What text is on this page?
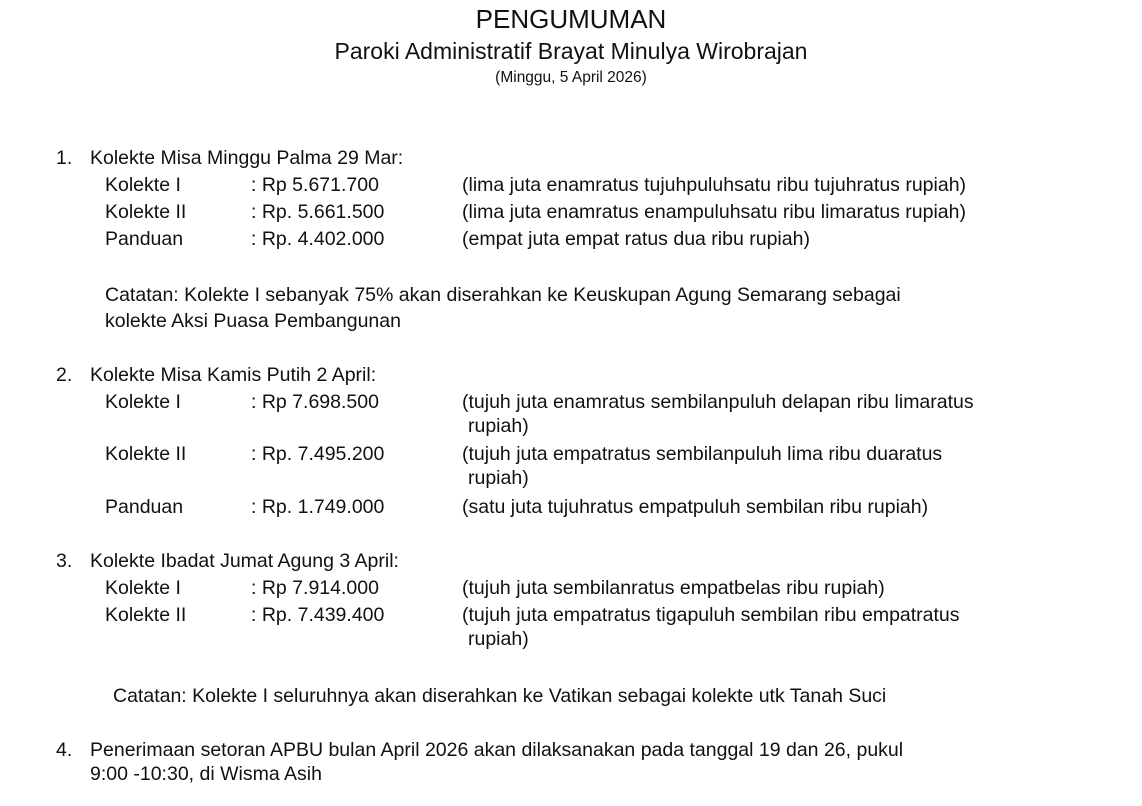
PENGUMUMAN
Paroki Administratif Brayat Minulya Wirobrajan
(Minggu, 5 April 2026)
1. Kolekte Misa Minggu Palma 29 Mar:
Kolekte I	: Rp 5.671.700	(lima juta enamratus tujuhpuluhsatu ribu tujuhratus rupiah)
Kolekte II	: Rp. 5.661.500	(lima juta enamratus enampuluhsatu ribu limaratus rupiah)
Panduan	: Rp. 4.402.000	(empat juta empat ratus dua ribu rupiah)
Catatan: Kolekte I sebanyak 75% akan diserahkan ke Keuskupan Agung Semarang sebagai
kolekte Aksi Puasa Pembangunan
2. Kolekte Misa Kamis Putih 2 April:
Kolekte I	: Rp 7.698.500	(tujuh juta enamratus sembilanpuluh delapan ribu limaratus
rupiah)
Kolekte II	: Rp. 7.495.200	(tujuh juta empatratus sembilanpuluh lima ribu duaratus
rupiah)
Panduan	: Rp. 1.749.000	(satu juta tujuhratus empatpuluh sembilan ribu rupiah)
3. Kolekte Ibadat Jumat Agung 3 April:
Kolekte I	: Rp 7.914.000	(tujuh juta sembilanratus empatbelas ribu rupiah)
Kolekte II	: Rp. 7.439.400	(tujuh juta empatratus tigapuluh sembilan ribu empatratus
rupiah)
Catatan: Kolekte I seluruhnya akan diserahkan ke Vatikan sebagai kolekte utk Tanah Suci
4. Penerimaan setoran APBU bulan April 2026 akan dilaksanakan pada tanggal 19 dan 26, pukul
9:00 -10:30, di Wisma Asih
